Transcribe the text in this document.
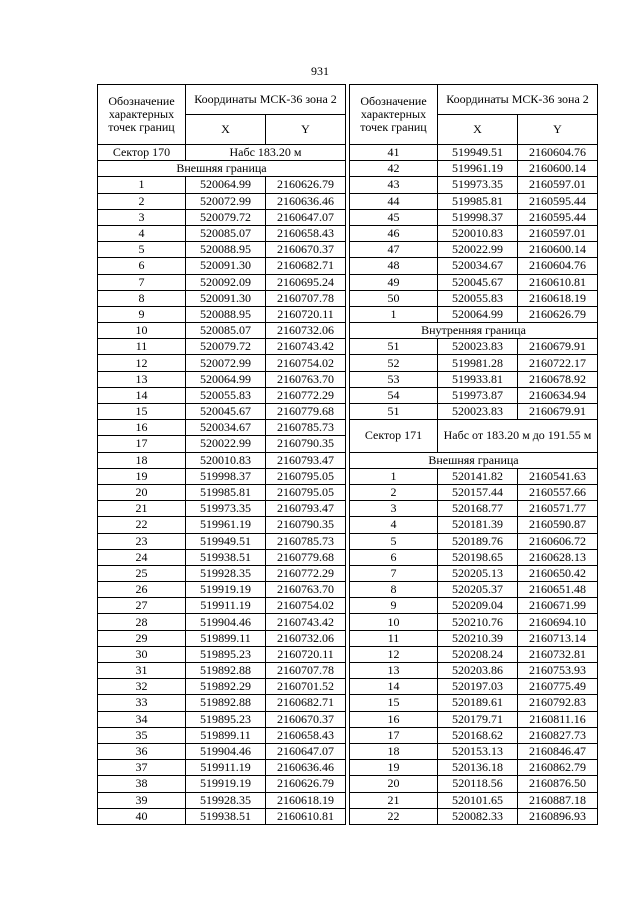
931
Обозначение характерных точек границ	Координаты МСК-36 зона 2	
	X	Y
Сектор 170	Набс 183.20 м	
Внешняя граница		
1	520064.99	2160626.79
2	520072.99	2160636.46
3	520079.72	2160647.07
4	520085.07	2160658.43
5	520088.95	2160670.37
6	520091.30	2160682.71
7	520092.09	2160695.24
8	520091.30	2160707.78
9	520088.95	2160720.11
10	520085.07	2160732.06
11	520079.72	2160743.42
12	520072.99	2160754.02
13	520064.99	2160763.70
14	520055.83	2160772.29
15	520045.67	2160779.68
16	520034.67	2160785.73
17	520022.99	2160790.35
18	520010.83	2160793.47
19	519998.37	2160795.05
20	519985.81	2160795.05
21	519973.35	2160793.47
22	519961.19	2160790.35
23	519949.51	2160785.73
24	519938.51	2160779.68
25	519928.35	2160772.29
26	519919.19	2160763.70
27	519911.19	2160754.02
28	519904.46	2160743.42
29	519899.11	2160732.06
30	519895.23	2160720.11
31	519892.88	2160707.78
32	519892.29	2160701.52
33	519892.88	2160682.71
34	519895.23	2160670.37
35	519899.11	2160658.43
36	519904.46	2160647.07
37	519911.19	2160636.46
38	519919.19	2160626.79
39	519928.35	2160618.19
40	519938.51	2160610.81
Обозначение характерных точек границ	Координаты МСК-36 зона 2	
	X	Y
41	519949.51	2160604.76
42	519961.19	2160600.14
43	519973.35	2160597.01
44	519985.81	2160595.44
45	519998.37	2160595.44
46	520010.83	2160597.01
47	520022.99	2160600.14
48	520034.67	2160604.76
49	520045.67	2160610.81
50	520055.83	2160618.19
1	520064.99	2160626.79
Внутренняя граница		
51	520023.83	2160679.91
52	519981.28	2160722.17
53	519933.81	2160678.92
54	519973.87	2160634.94
51	520023.83	2160679.91
Сектор 171	Набс от 183.20 м до 191.55 м	
Внешняя граница		
1	520141.82	2160541.63
2	520157.44	2160557.66
3	520168.77	2160571.77
4	520181.39	2160590.87
5	520189.76	2160606.72
6	520198.65	2160628.13
7	520205.13	2160650.42
8	520205.37	2160651.48
9	520209.04	2160671.99
10	520210.76	2160694.10
11	520210.39	2160713.14
12	520208.24	2160732.81
13	520203.86	2160753.93
14	520197.03	2160775.49
15	520189.61	2160792.83
16	520179.71	2160811.16
17	520168.62	2160827.73
18	520153.13	2160846.47
19	520136.18	2160862.79
20	520118.56	2160876.50
21	520101.65	2160887.18
22	520082.33	2160896.93
